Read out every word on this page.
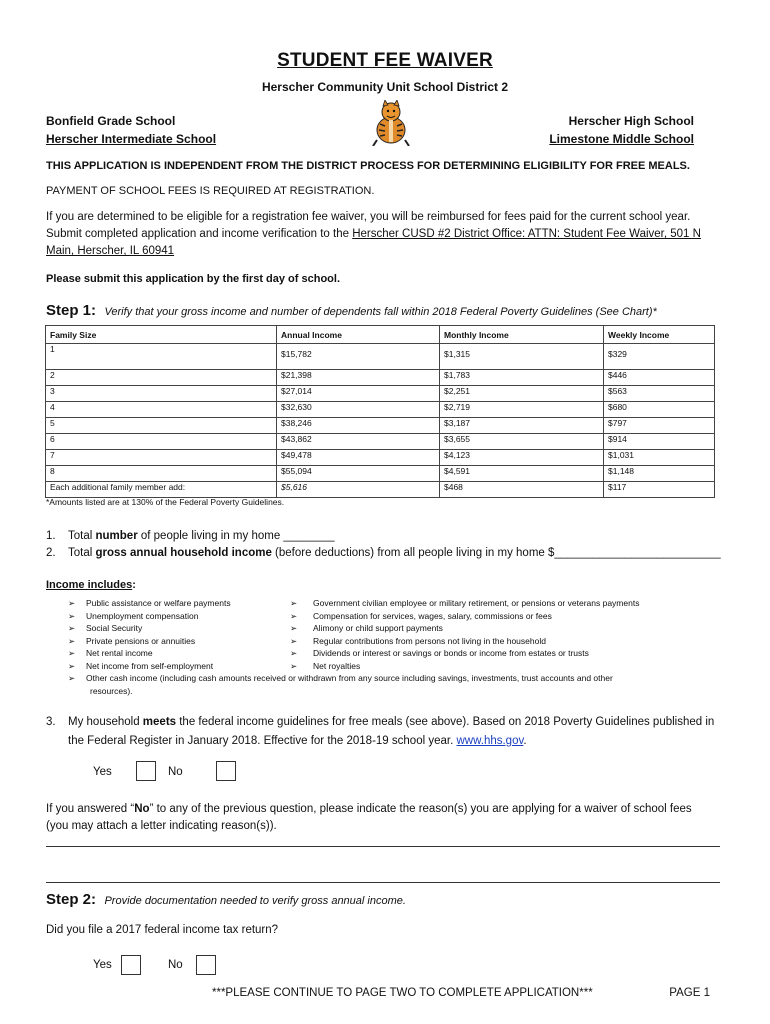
STUDENT FEE WAIVER
Herscher Community Unit School District 2
Bonfield Grade School
Herscher Intermediate School
Herscher High School
Limestone Middle School
THIS APPLICATION IS INDEPENDENT FROM THE DISTRICT PROCESS FOR DETERMINING ELIGIBILITY FOR FREE MEALS.
PAYMENT OF SCHOOL FEES IS REQUIRED AT REGISTRATION.
If you are determined to be eligible for a registration fee waiver, you will be reimbursed for fees paid for the current school year. Submit completed application and income verification to the Herscher CUSD #2 District Office: ATTN: Student Fee Waiver, 501 N Main, Herscher, IL 60941
Please submit this application by the first day of school.
Step 1: Verify that your gross income and number of dependents fall within 2018 Federal Poverty Guidelines (See Chart)*
Family Size	Annual Income	Monthly Income	Weekly Income
1	$15,782	$1,315	$329
2	$21,398	$1,783	$446
3	$27,014	$2,251	$563
4	$32,630	$2,719	$680
5	$38,246	$3,187	$797
6	$43,862	$3,655	$914
7	$49,478	$4,123	$1,031
8	$55,094	$4,591	$1,148
Each additional family member add:	$5,616	$468	$117
*Amounts listed are at 130% of the Federal Poverty Guidelines.
1. Total number of people living in my home ________
2. Total gross annual household income (before deductions) from all people living in my home $__________________________
Income includes:
➢ Public assistance or welfare payments
➢ Unemployment compensation
➢ Social Security
➢ Private pensions or annuities
➢ Net rental income
➢ Net income from self-employment
➢ Government civilian employee or military retirement, or pensions or veterans payments
➢ Compensation for services, wages, salary, commissions or fees
➢ Alimony or child support payments
➢ Regular contributions from persons not living in the household
➢ Dividends or interest or savings or bonds or income from estates or trusts
➢ Net royalties
➢ Other cash income (including cash amounts received or withdrawn from any source including savings, investments, trust accounts and other
resources).
3. My household meets the federal income guidelines for free meals (see above). Based on 2018 Poverty Guidelines published in
the Federal Register in January 2018. Effective for the 2018-19 school year. www.hhs.gov.
Yes	No
If you answered “No” to any of the previous question, please indicate the reason(s) you are applying for a waiver of school fees (you may attach a letter indicating reason(s)).
Step 2: Provide documentation needed to verify gross annual income.
Did you file a 2017 federal income tax return?
Yes	No
***PLEASE CONTINUE TO PAGE TWO TO COMPLETE APPLICATION***	PAGE 1
